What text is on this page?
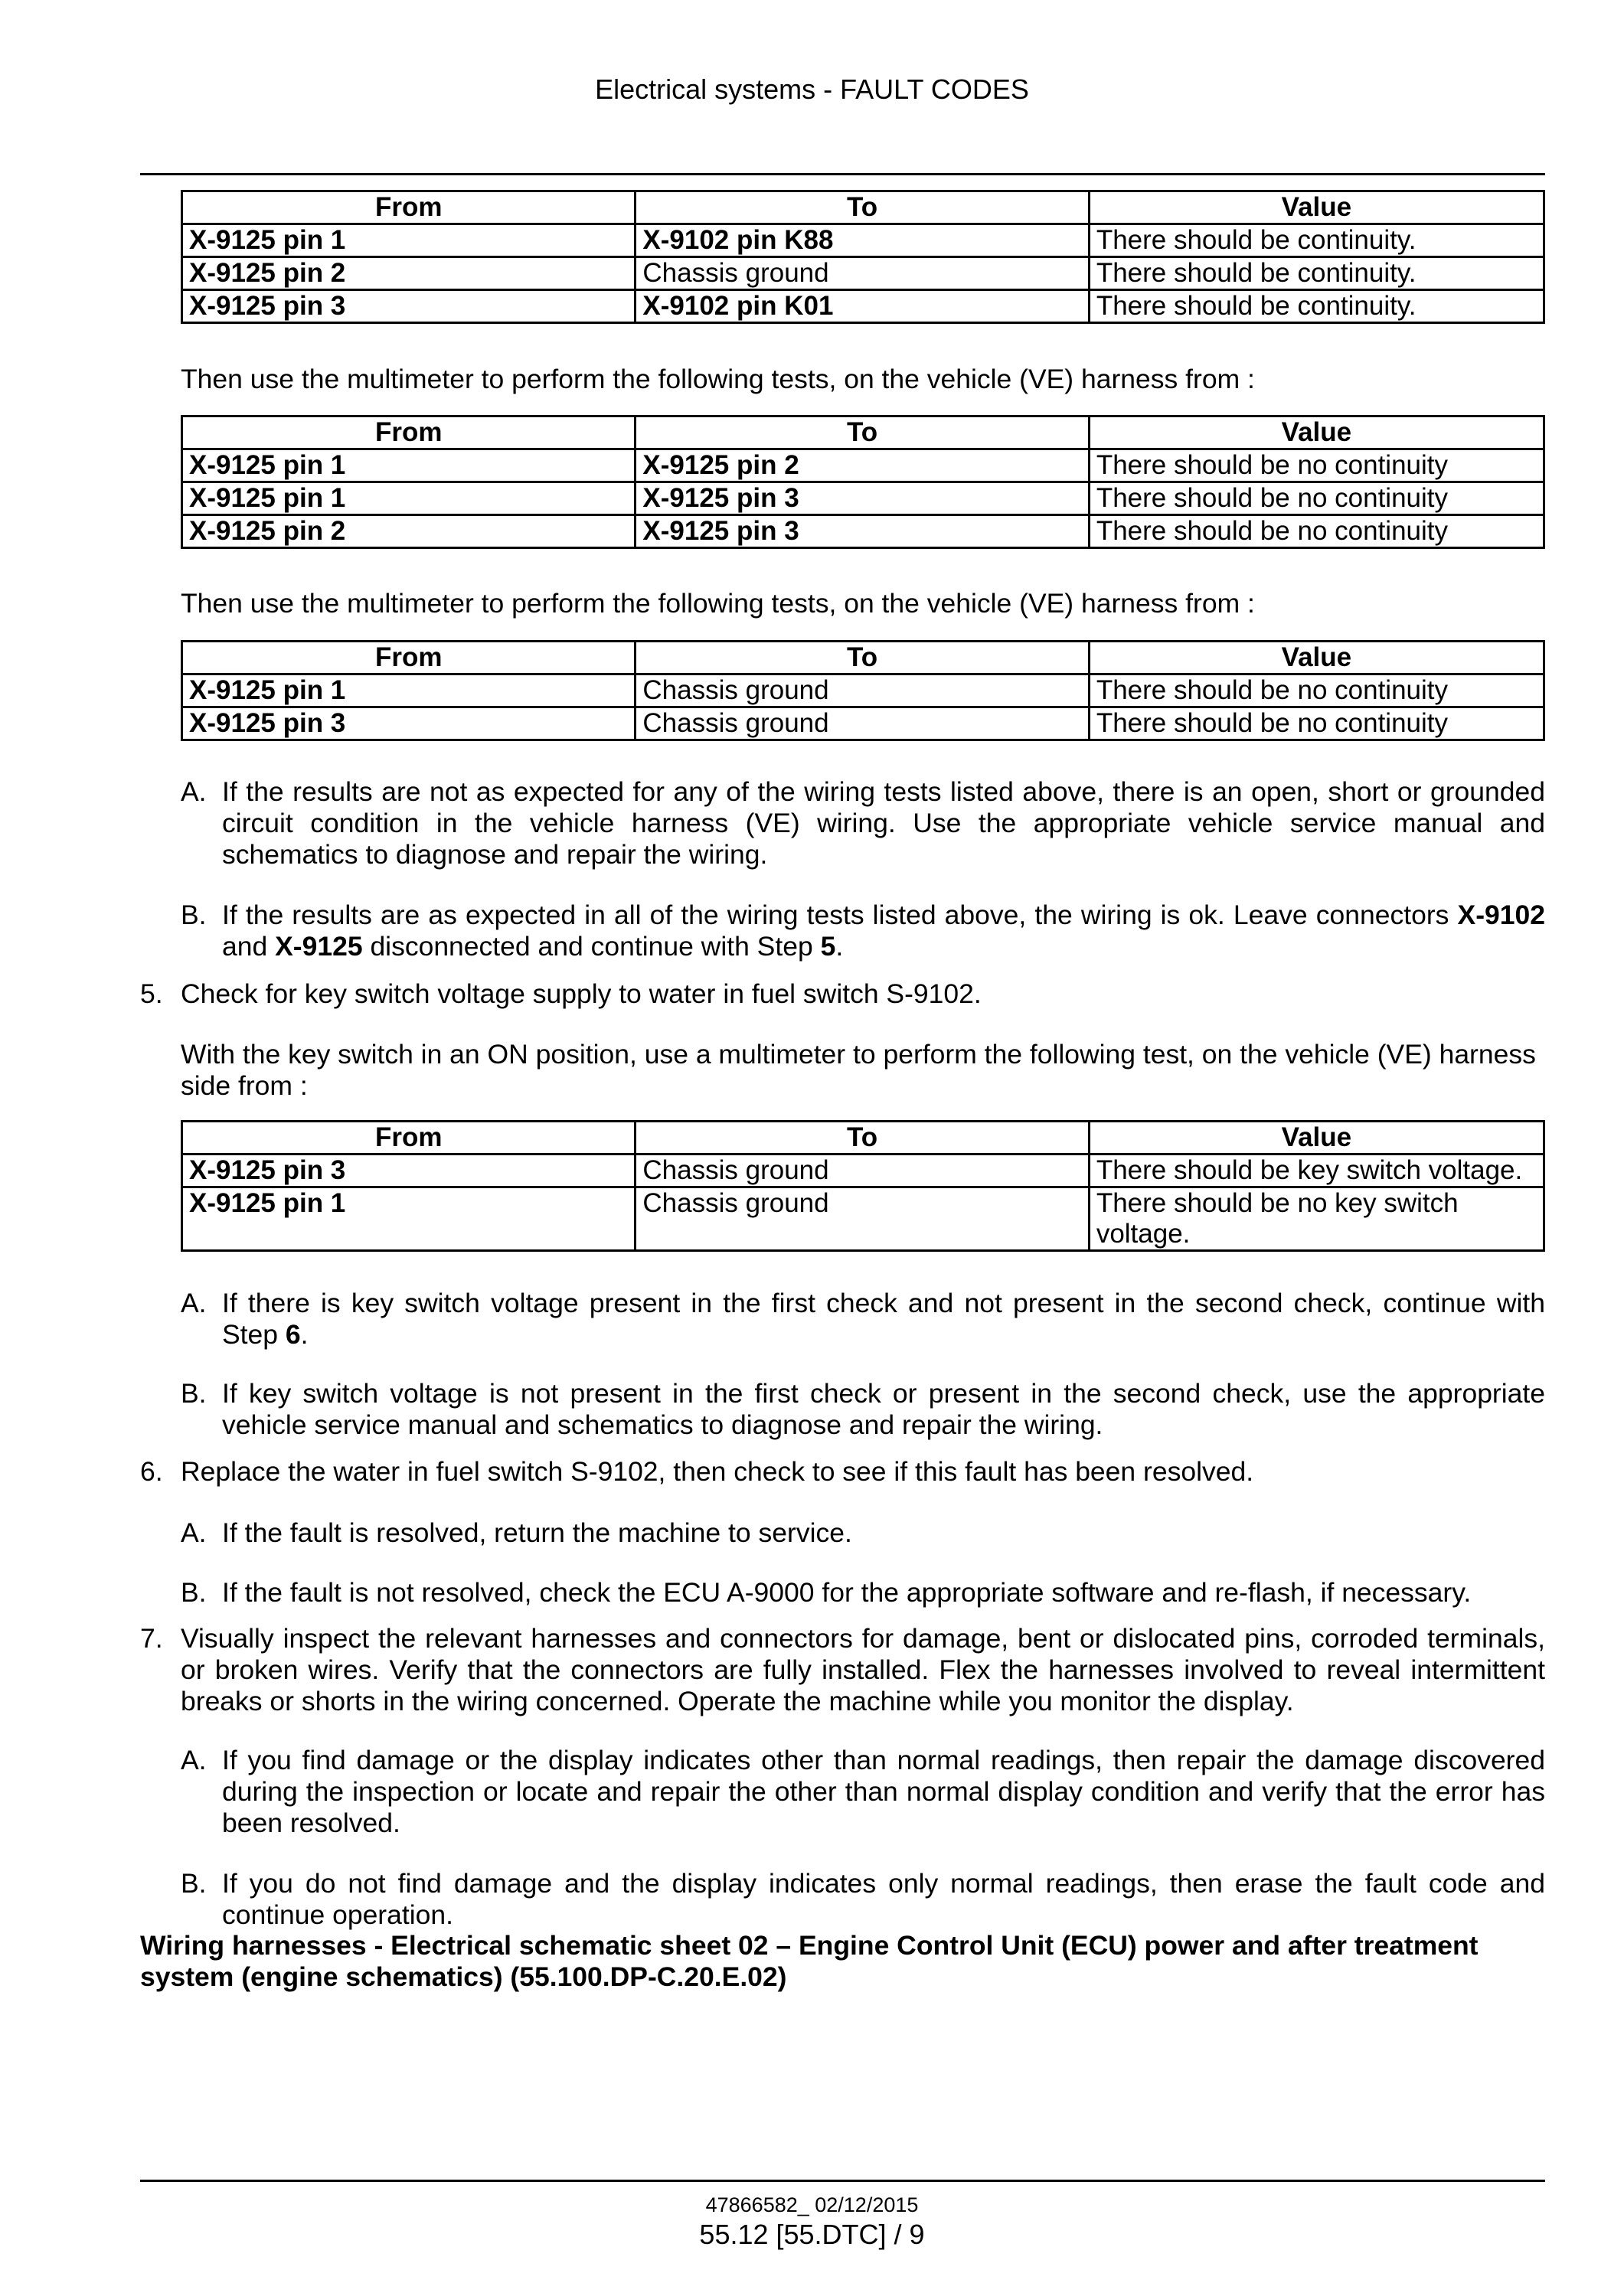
Electrical systems - FAULT CODES
From	To	Value
X-9125 pin 1	X-9102 pin K88	There should be continuity.
X-9125 pin 2	Chassis ground	There should be continuity.
X-9125 pin 3	X-9102 pin K01	There should be continuity.
Then use the multimeter to perform the following tests, on the vehicle (VE) harness from :
From	To	Value
X-9125 pin 1	X-9125 pin 2	There should be no continuity
X-9125 pin 1	X-9125 pin 3	There should be no continuity
X-9125 pin 2	X-9125 pin 3	There should be no continuity
Then use the multimeter to perform the following tests, on the vehicle (VE) harness from :
From	To	Value
X-9125 pin 1	Chassis ground	There should be no continuity
X-9125 pin 3	Chassis ground	There should be no continuity
A. If the results are not as expected for any of the wiring tests listed above, there is an open, short or grounded circuit condition in the vehicle harness (VE) wiring. Use the appropriate vehicle service manual and schematics to diagnose and repair the wiring.
B. If the results are as expected in all of the wiring tests listed above, the wiring is ok. Leave connectors X-9102 and X-9125 disconnected and continue with Step 5.
5. Check for key switch voltage supply to water in fuel switch S-9102.
With the key switch in an ON position, use a multimeter to perform the following test, on the vehicle (VE) harness side from :
From	To	Value
X-9125 pin 3	Chassis ground	There should be key switch voltage.
X-9125 pin 1	Chassis ground	There should be no key switch voltage.
A. If there is key switch voltage present in the first check and not present in the second check, continue with Step 6.
B. If key switch voltage is not present in the first check or present in the second check, use the appropriate vehicle service manual and schematics to diagnose and repair the wiring.
6. Replace the water in fuel switch S-9102, then check to see if this fault has been resolved.
A. If the fault is resolved, return the machine to service.
B. If the fault is not resolved, check the ECU A-9000 for the appropriate software and re-flash, if necessary.
7. Visually inspect the relevant harnesses and connectors for damage, bent or dislocated pins, corroded terminals, or broken wires. Verify that the connectors are fully installed. Flex the harnesses involved to reveal intermittent breaks or shorts in the wiring concerned. Operate the machine while you monitor the display.
A. If you find damage or the display indicates other than normal readings, then repair the damage discovered during the inspection or locate and repair the other than normal display condition and verify that the error has been resolved.
B. If you do not find damage and the display indicates only normal readings, then erase the fault code and continue operation.
Wiring harnesses - Electrical schematic sheet 02 – Engine Control Unit (ECU) power and after treatment system (engine schematics) (55.100.DP-C.20.E.02)
47866582_ 02/12/2015
55.12 [55.DTC] / 9
